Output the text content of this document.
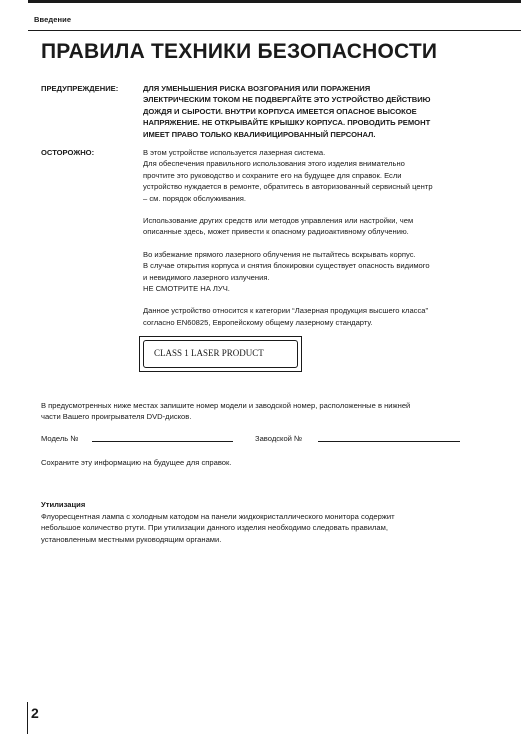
Введение
ПРАВИЛА ТЕХНИКИ БЕЗОПАСНОСТИ
ПРЕДУПРЕЖДЕНИЕ:	ДЛЯ УМЕНЬШЕНИЯ РИСКА ВОЗГОРАНИЯ ИЛИ ПОРАЖЕНИЯ
ЭЛЕКТРИЧЕСКИМ ТОКОМ НЕ ПОДВЕРГАЙТЕ ЭТО УСТРОЙСТВО ДЕЙСТВИЮ
ДОЖДЯ И СЫРОСТИ. ВНУТРИ КОРПУСА ИМЕЕТСЯ ОПАСНОЕ ВЫСОКОЕ
НАПРЯЖЕНИЕ. НЕ ОТКРЫВАЙТЕ КРЫШКУ КОРПУСА. ПРОВОДИТЬ РЕМОНТ
ИМЕЕТ ПРАВО ТОЛЬКО КВАЛИФИЦИРОВАННЫЙ ПЕРСОНАЛ.
ОСТОРОЖНО:	В этом устройстве используется лазерная система.
Для обеспечения правильного использования этого изделия внимательно
прочтите это руководство и сохраните его на будущее для справок. Если
устройство нуждается в ремонте, обратитесь в авторизованный сервисный центр
– см. порядок обслуживания.
Использование других средств или методов управления или настройки, чем
описанные здесь, может привести к опасному радиоактивному облучению.
Во избежание прямого лазерного облучения не пытайтесь вскрывать корпус.
В случае открытия корпуса и снятия блокировки существует опасность видимого
и невидимого лазерного излучения.
НЕ СМОТРИТЕ НА ЛУЧ.
Данное устройство относится к категории “Лазерная продукция высшего класса”
согласно EN60825, Европейскому общему лазерному стандарту.
CLASS 1 LASER PRODUCT
В предусмотренных ниже местах запишите номер модели и заводской номер, расположенные в нижней
части Вашего проигрывателя DVD-дисков.
Модель №	Заводской №
Сохраните эту информацию на будущее для справок.
Утилизация
Флуоресцентная лампа с холодным катодом на панели жидкокристаллического монитора содержит
небольшое количество ртути. При утилизации данного изделия необходимо следовать правилам,
установленным местными руководящим органами.
2
